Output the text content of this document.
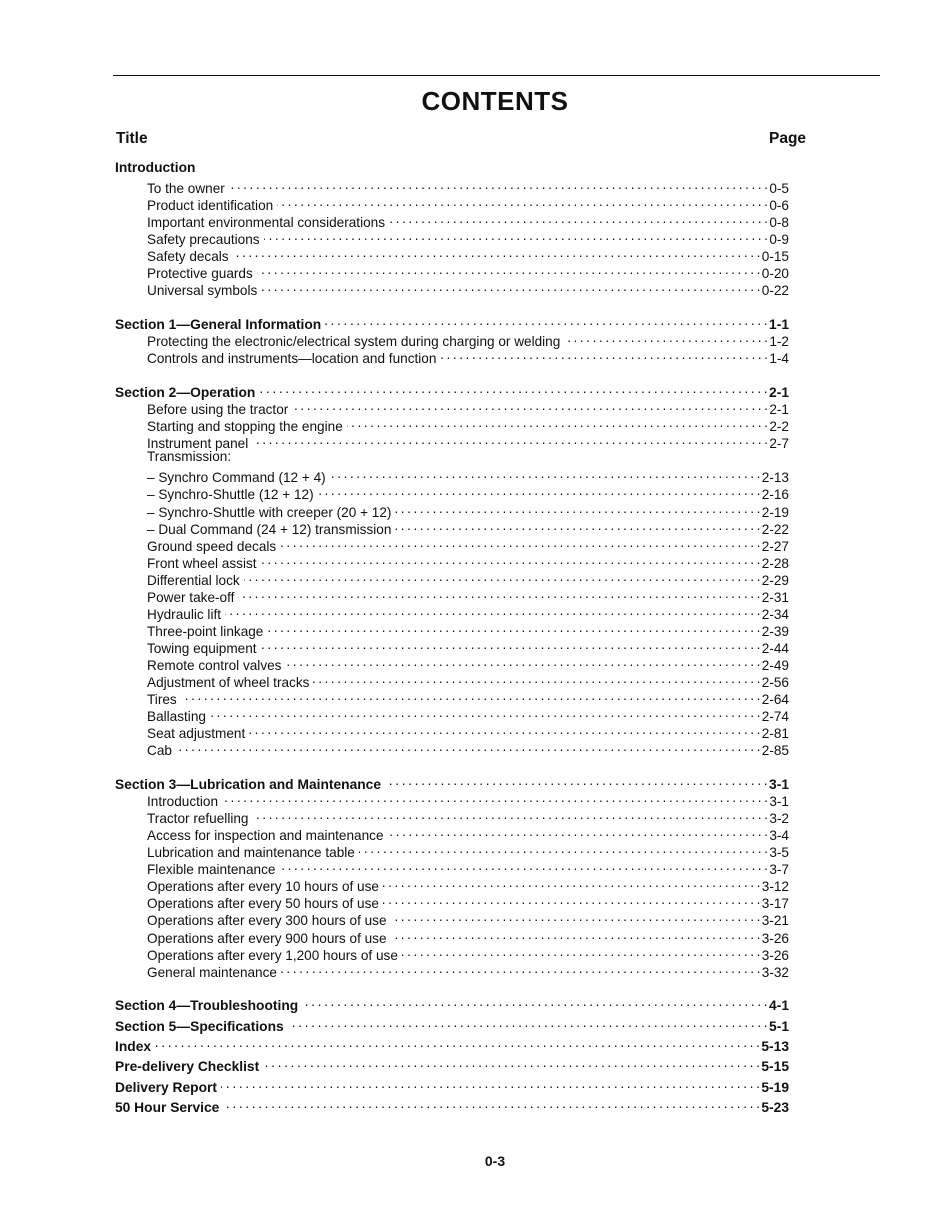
CONTENTS
Title	Page
Introduction
To the owner . . .	0-5
Product identification . . .	0-6
Important environmental considerations . . .	0-8
Safety precautions . . .	0-9
Safety decals . . .	0-15
Protective guards . . .	0-20
Universal symbols . . .	0-22
Section 1—General Information . . .	1-1
Protecting the electronic/electrical system during charging or welding . . .	1-2
Controls and instruments—location and function . . .	1-4
Section 2—Operation . . .	2-1
Before using the tractor . . .	2-1
Starting and stopping the engine . . .	2-2
Instrument panel . . .	2-7
Transmission:
– Synchro Command (12 + 4) . . .	2-13
– Synchro-Shuttle (12 + 12) . . .	2-16
– Synchro-Shuttle with creeper (20 + 12) . . .	2-19
– Dual Command (24 + 12) transmission . . .	2-22
Ground speed decals . . .	2-27
Front wheel assist . . .	2-28
Differential lock . . .	2-29
Power take-off . . .	2-31
Hydraulic lift . . .	2-34
Three-point linkage . . .	2-39
Towing equipment . . .	2-44
Remote control valves . . .	2-49
Adjustment of wheel tracks . . .	2-56
Tires . . .	2-64
Ballasting . . .	2-74
Seat adjustment . . .	2-81
Cab . . .	2-85
Section 3—Lubrication and Maintenance . . .	3-1
Introduction . . .	3-1
Tractor refuelling . . .	3-2
Access for inspection and maintenance . . .	3-4
Lubrication and maintenance table . . .	3-5
Flexible maintenance . . .	3-7
Operations after every 10 hours of use . . .	3-12
Operations after every 50 hours of use . . .	3-17
Operations after every 300 hours of use . . .	3-21
Operations after every 900 hours of use . . .	3-26
Operations after every 1,200 hours of use . . .	3-26
General maintenance . . .	3-32
Section 4—Troubleshooting . . .	4-1
Section 5—Specifications . . .	5-1
Index . . .	5-13
Pre-delivery Checklist . . .	5-15
Delivery Report . . .	5-19
50 Hour Service . . .	5-23
0-3
